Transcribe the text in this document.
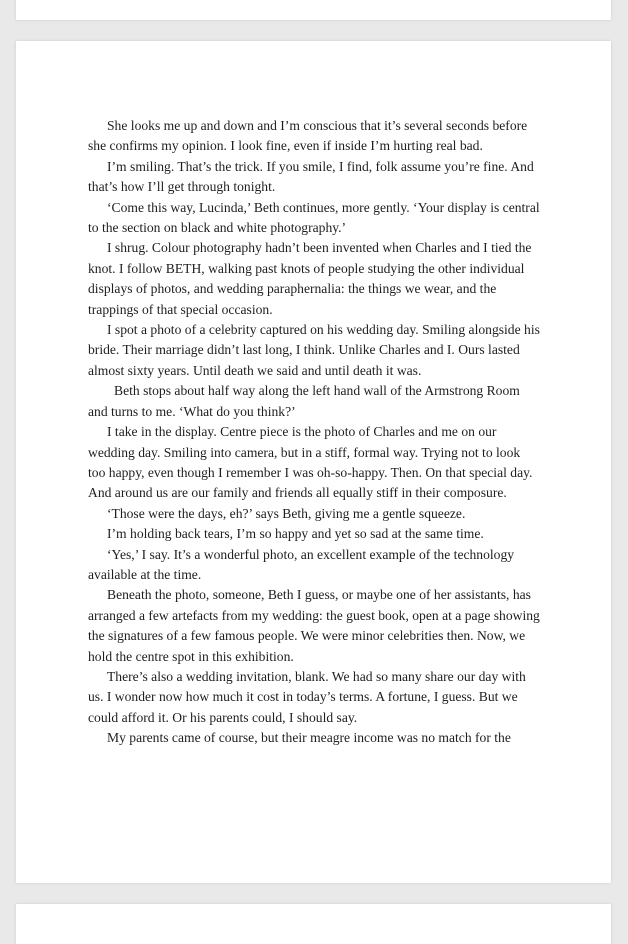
She looks me up and down and I’m conscious that it’s several seconds before she confirms my opinion. I look fine, even if inside I’m hurting real bad.

I’m smiling. That’s the trick. If you smile, I find, folk assume you’re fine. And that’s how I’ll get through tonight.

‘Come this way, Lucinda,’ Beth continues, more gently. ‘Your display is central to the section on black and white photography.’

I shrug. Colour photography hadn’t been invented when Charles and I tied the knot. I follow BETH, walking past knots of people studying the other individual displays of photos, and wedding paraphernalia: the things we wear, and the trappings of that special occasion.

I spot a photo of a celebrity captured on his wedding day. Smiling alongside his bride. Their marriage didn’t last long, I think. Unlike Charles and I. Ours lasted almost sixty years. Until death we said and until death it was.

Beth stops about half way along the left hand wall of the Armstrong Room and turns to me. ‘What do you think?’

I take in the display. Centre piece is the photo of Charles and me on our wedding day. Smiling into camera, but in a stiff, formal way. Trying not to look too happy, even though I remember I was oh-so-happy. Then. On that special day. And around us are our family and friends all equally stiff in their composure.

‘Those were the days, eh?’ says Beth, giving me a gentle squeeze.

I’m holding back tears, I’m so happy and yet so sad at the same time.

‘Yes,’ I say. It’s a wonderful photo, an excellent example of the technology available at the time.

Beneath the photo, someone, Beth I guess, or maybe one of her assistants, has arranged a few artefacts from my wedding: the guest book, open at a page showing the signatures of a few famous people. We were minor celebrities then. Now, we hold the centre spot in this exhibition.

There’s also a wedding invitation, blank. We had so many share our day with us. I wonder now how much it cost in today’s terms. A fortune, I guess. But we could afford it. Or his parents could, I should say.

My parents came of course, but their meagre income was no match for the
